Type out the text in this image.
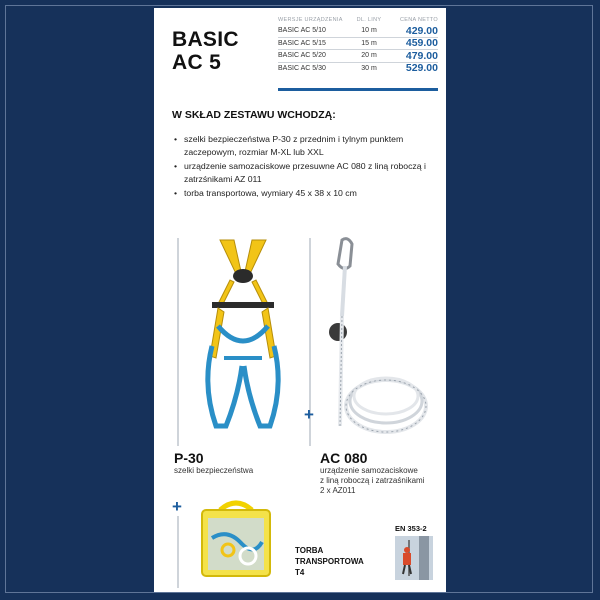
BASIC
AC 5
WERSJE URZĄDZENIA	DL. LINY	CENA NETTO
BASIC AC 5/10	10 m	429.00
BASIC AC 5/15	15 m	459.00
BASIC AC 5/20	20 m	479.00
BASIC AC 5/30	30 m	529.00
W SKŁAD ZESTAWU WCHODZĄ:
• szelki bezpieczeństwa P-30 z przednim i tylnym punktem zaczepowym, rozmiar M-XL lub XXL
• urządzenie samozaciskowe przesuwne AC 080 z liną roboczą i zatrzśnikami AZ 011
• torba transportowa, wymiary 45 x 38 x 10 cm
+
+
P-30
szelki bezpieczeństwa
AC 080
urządzenie samozaciskowe
z liną roboczą i zatrzaśnikami
2 x AZ011
TORBA
TRANSPORTOWA
T4
EN 353-2
